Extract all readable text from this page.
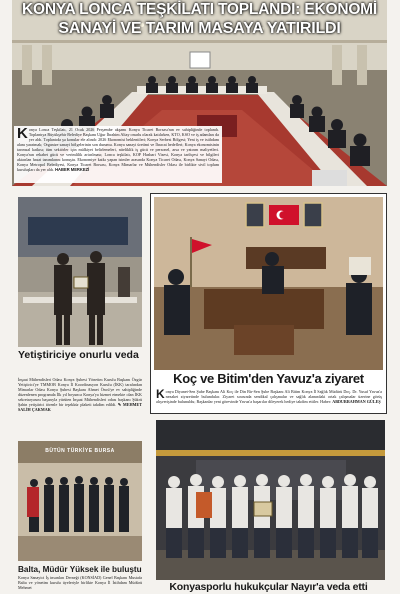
KONYA LONCA TEŞKİLATI TOPLANDI: EKONOMİ
SANAYİ VE TARIM MASAYA YATIRILDI
Konya Lonca Teşkilatı, 21 Ocak 2026 Perşembe akşamı Konya Ticaret Borsası'nın ev sahipliğinde toplandı. Toplantıya Büyükşehir Belediye Başkanı Uğur İbrahim Altay onurlu olarak katılırken, KTO, KSO ve iş adamları da yer aldı. Toplantıda şu konular ele alındı: 2026 Ekonomisi beklentileri; Konya Serbest Bölgesi; Yeni iş ve istihdam alanı yaratmak; Organize sanayi bölgelerinin son durumu. Konya sanayi üretimi ve İhracat hedefleri; Konya ekonomisinin tarımsal katkısı; tüm sektörler için mülkiyet belirlemeleri, niteliklik iş gücü ve personel, arsa ve yatırım maliyetleri. Konya'nın rekabet gücü ve verimlilik artırılması; Lonca teşkilatı, KOP Hasbari Vizesi, Konya tarihçesi ve bilgileri aktarılan hasat tanımlarını konuştu. Ekonomiye katkı yapan isimler arasında Konya Ticaret Odası, Konya Sanayi Odası, Konya Metropol Belediyesi, Konya Ticaret Borsası, Konya Mimarlar ve Mühendisler Odası ile birlikte sivil toplum kuruluşları da yer aldı. HABER MERKEZİ
Yetiştiriciye onurlu veda
İnşaat Mühendisleri Odası Konya Şubesi Yönetim Kurulu Başkanı Özgür Yetiştirici'ye TMMOB Konya İl Koordinasyon Kurulu (İKK) tarafından Mimarlar Odası Konya Şubesi Başkanı Ahmet Öncü'ye ev sahipliğinde düzenlenen programda İlk yıl boyunca Konya'ya hizmet etmekte olan İKK sekretaryasını başarıyla yürüten İnşaat Mühendisleri odası başkanı Şükrü Şahin yetiştirici törenle bir teşekkür plaketi takdim edildi. ✎ MEHMET SALİH ÇAKMAK
BÜTÜN TÜRKİYE BURSA
Balta, Müdür Yüksek ile buluştu
Konya Sanayici İş insanları Derneği (KONSİAD) Genel Başkanı Mustafa Balta ve yönetim kurulu üyeleriyle birlikte Konya İl İstihdam Müdürü Mehmet
Koç ve Bitim'den Yavuz'a ziyaret
Konya Diyanet-Sen Şube Başkanı Ali Koç ile Din Bir-Sen Şube Başkanı Ali Bitim Konya İl Sağlık Müdürü Doç. Dr. Yusuf Yavuz'a nezaket ziyaretinde bulundular. Ziyaret sırasında sendikal çalışmalar ve sağlık alanındaki ortak çalışmalar üzerine görüş alışverişinde bulunuldu; Başkanlar yeni görevinde Yavuz'a başarılar dileyerek hediye takdim ettiler. Haber: ABDURRAHMAN GÜLEŞ
Konyasporlu hukukçular Nayır'a veda etti
